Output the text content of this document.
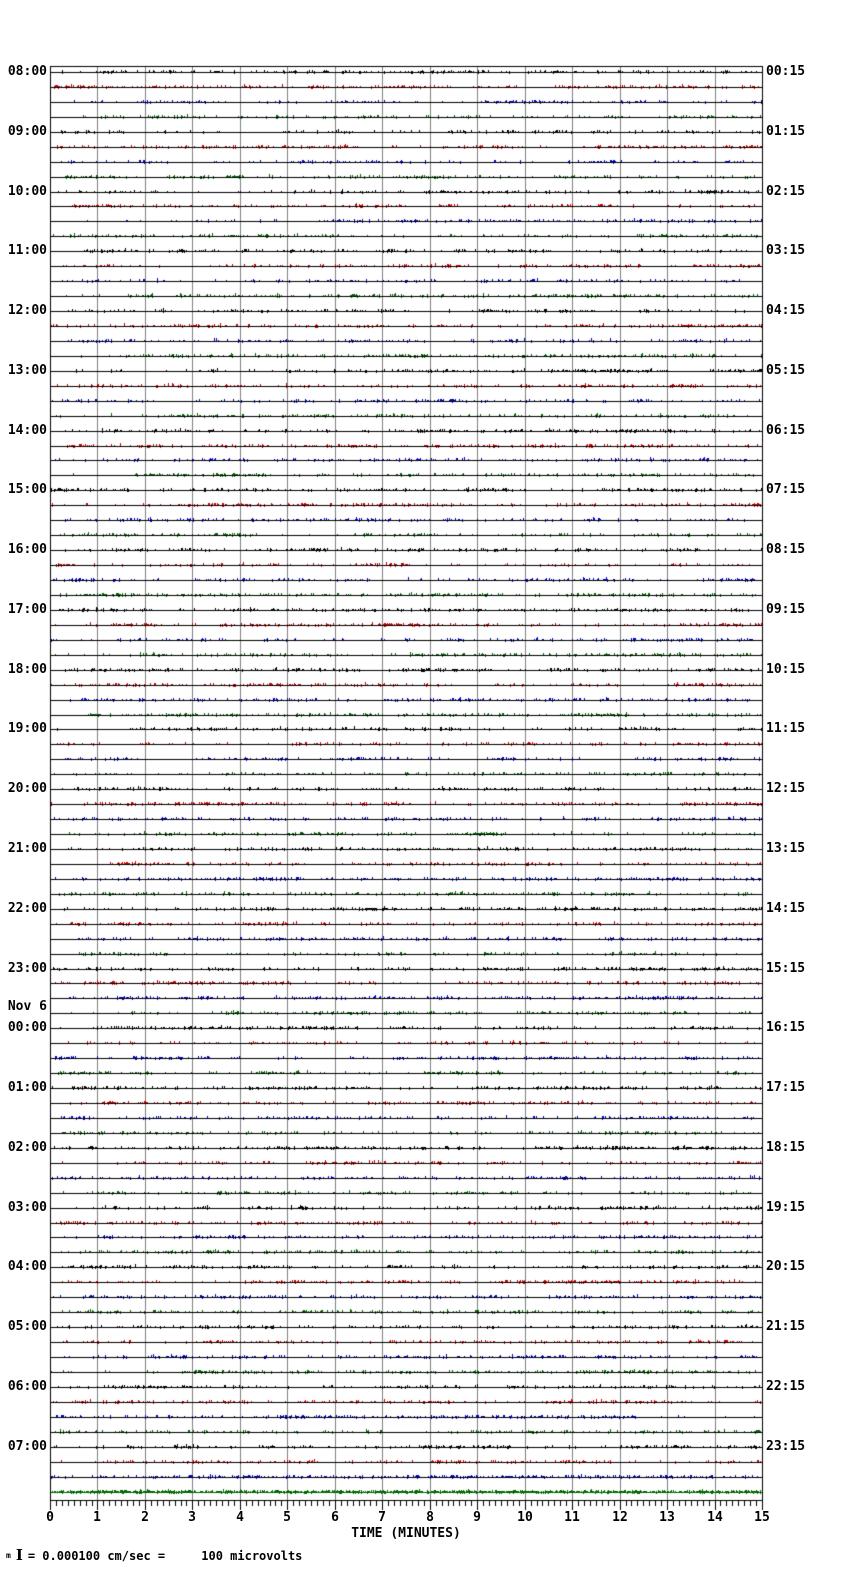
08:00
09:00
10:00
11:00
12:00
13:00
14:00
15:00
16:00
17:00
18:00
19:00
20:00
21:00
22:00
23:00
Nov 6
00:00
01:00
02:00
03:00
04:00
05:00
06:00
07:00
00:15
01:15
02:15
03:15
04:15
05:15
06:15
07:15
08:15
09:15
10:15
11:15
12:15
13:15
14:15
15:15
16:15
17:15
18:15
19:15
20:15
21:15
22:15
23:15
0	1	2	3	4	5	6	7	8	9	10	11	12	13	14	15
TIME (MINUTES)
m I = 0.000100 cm/sec =     100 microvolts
